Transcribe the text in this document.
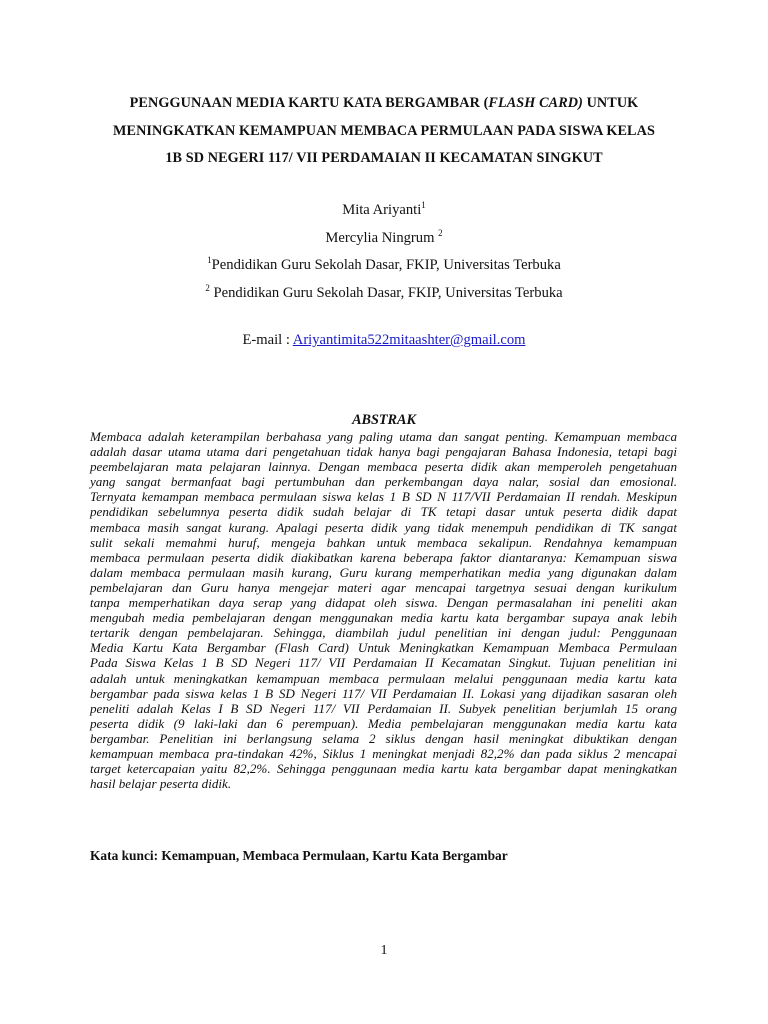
PENGGUNAAN MEDIA KARTU KATA BERGAMBAR (FLASH CARD) UNTUK
MENINGKATKAN KEMAMPUAN MEMBACA PERMULAAN PADA SISWA KELAS
1B SD NEGERI 117/ VII PERDAMAIAN II KECAMATAN SINGKUT
Mita Ariyanti$^1$
Mercylia Ningrum $^2$
$^1$Pendidikan Guru Sekolah Dasar, FKIP, Universitas Terbuka
$^2$ Pendidikan Guru Sekolah Dasar, FKIP, Universitas Terbuka
E-mail : Ariyantimita522mitaashter@gmail.com
ABSTRAK
Membaca adalah keterampilan berbahasa yang paling utama dan sangat penting. Kemampuan membaca
adalah dasar utama utama dari pengetahuan tidak hanya bagi pengajaran Bahasa Indonesia, tetapi bagi
peembelajaran mata pelajaran lainnya. Dengan membaca peserta didik akan memperoleh pengetahuan
yang sangat bermanfaat bagi pertumbuhan dan perkembangan daya nalar, sosial dan emosional.
Ternyata kemampan membaca permulaan siswa kelas 1 B SD N 117/VII Perdamaian II rendah. Meskipun
pendidikan sebelumnya peserta didik sudah belajar di TK tetapi dasar untuk peserta didik dapat
membaca masih sangat kurang. Apalagi peserta didik yang tidak menempuh pendidikan di TK sangat
sulit sekali memahmi huruf, mengeja bahkan untuk membaca sekalipun. Rendahnya kemampuan
membaca permulaan peserta didik diakibatkan karena beberapa faktor diantaranya: Kemampuan siswa
dalam membaca permulaan masih kurang, Guru kurang memperhatikan media yang digunakan dalam
pembelajaran dan Guru hanya mengejar materi agar mencapai targetnya sesuai dengan kurikulum
tanpa memperhatikan daya serap yang didapat oleh siswa. Dengan permasalahan ini peneliti akan
mengubah media pembelajaran dengan menggunakan media kartu kata bergambar supaya anak lebih
tertarik dengan pembelajaran. Sehingga, diambilah judul penelitian ini dengan judul: Penggunaan
Media Kartu Kata Bergambar (Flash Card) Untuk Meningkatkan Kemampuan Membaca Permulaan
Pada Siswa Kelas 1 B SD Negeri 117/ VII Perdamaian II Kecamatan Singkut. Tujuan penelitian ini
adalah untuk meningkatkan kemampuan membaca permulaan melalui penggunaan media kartu kata
bergambar pada siswa kelas 1 B SD Negeri 117/ VII Perdamaian II. Lokasi yang dijadikan sasaran oleh
peneliti adalah Kelas I B SD Negeri 117/ VII Perdamaian II. Subyek penelitian berjumlah 15 orang
peserta didik (9 laki-laki dan 6 perempuan). Media pembelajaran menggunakan media kartu kata
bergambar. Penelitian ini berlangsung selama 2 siklus dengan hasil meningkat dibuktikan dengan
kemampuan membaca pra-tindakan 42%, Siklus 1 meningkat menjadi 82,2% dan pada siklus 2 mencapai
target ketercapaian yaitu 82,2%. Sehingga penggunaan media kartu kata bergambar dapat meningkatkan
hasil belajar peserta didik.
Kata kunci: Kemampuan, Membaca Permulaan, Kartu Kata Bergambar
1
